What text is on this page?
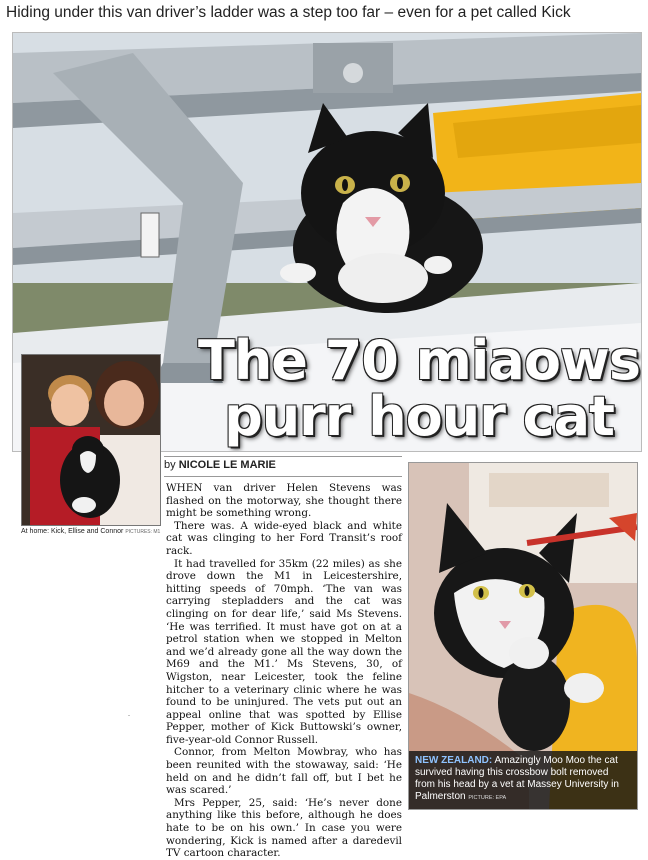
Hiding under this van driver’s ladder was a step too far – even for a pet called Kick
The 70 miaows
purr hour cat
At home: Kick, Ellise and Connor PICTURES: M1
by NICOLE LE MARIE

WHEN van driver Helen Stevens was flashed on the motorway, she thought there might be something wrong.

There was. A wide-eyed black and white cat was clinging to her Ford Transit’s roof rack.

It had travelled for 35km (22 miles) as she drove down the M1 in Leicestershire, hitting speeds of 70mph. ‘The van was carrying stepladders and the cat was clinging on for dear life,’ said Ms Stevens. ‘He was terrified. It must have got on at a petrol station when we stopped in Melton and we’d already gone all the way down the M69 and the M1.’ Ms Stevens, 30, of Wigston, near Leicester, took the feline hitcher to a veterinary clinic where he was found to be uninjured. The vets put out an appeal online that was spotted by Ellise Pepper, mother of Kick Buttowski’s owner, five-year-old Connor Russell.

Connor, from Melton Mowbray, who has been reunited with the stowaway, said: ‘He held on and he didn’t fall off, but I bet he was scared.’

Mrs Pepper, 25, said: ‘He’s never done anything like this before, although he does hate to be on his own.’ In case you were wondering, Kick is named after a daredevil TV cartoon character.

NEW ZEALAND: Amazingly Moo Moo the cat survived having this crossbow bolt removed from his head by a vet at Massey University in Palmerston PICTURE: EPA
-
